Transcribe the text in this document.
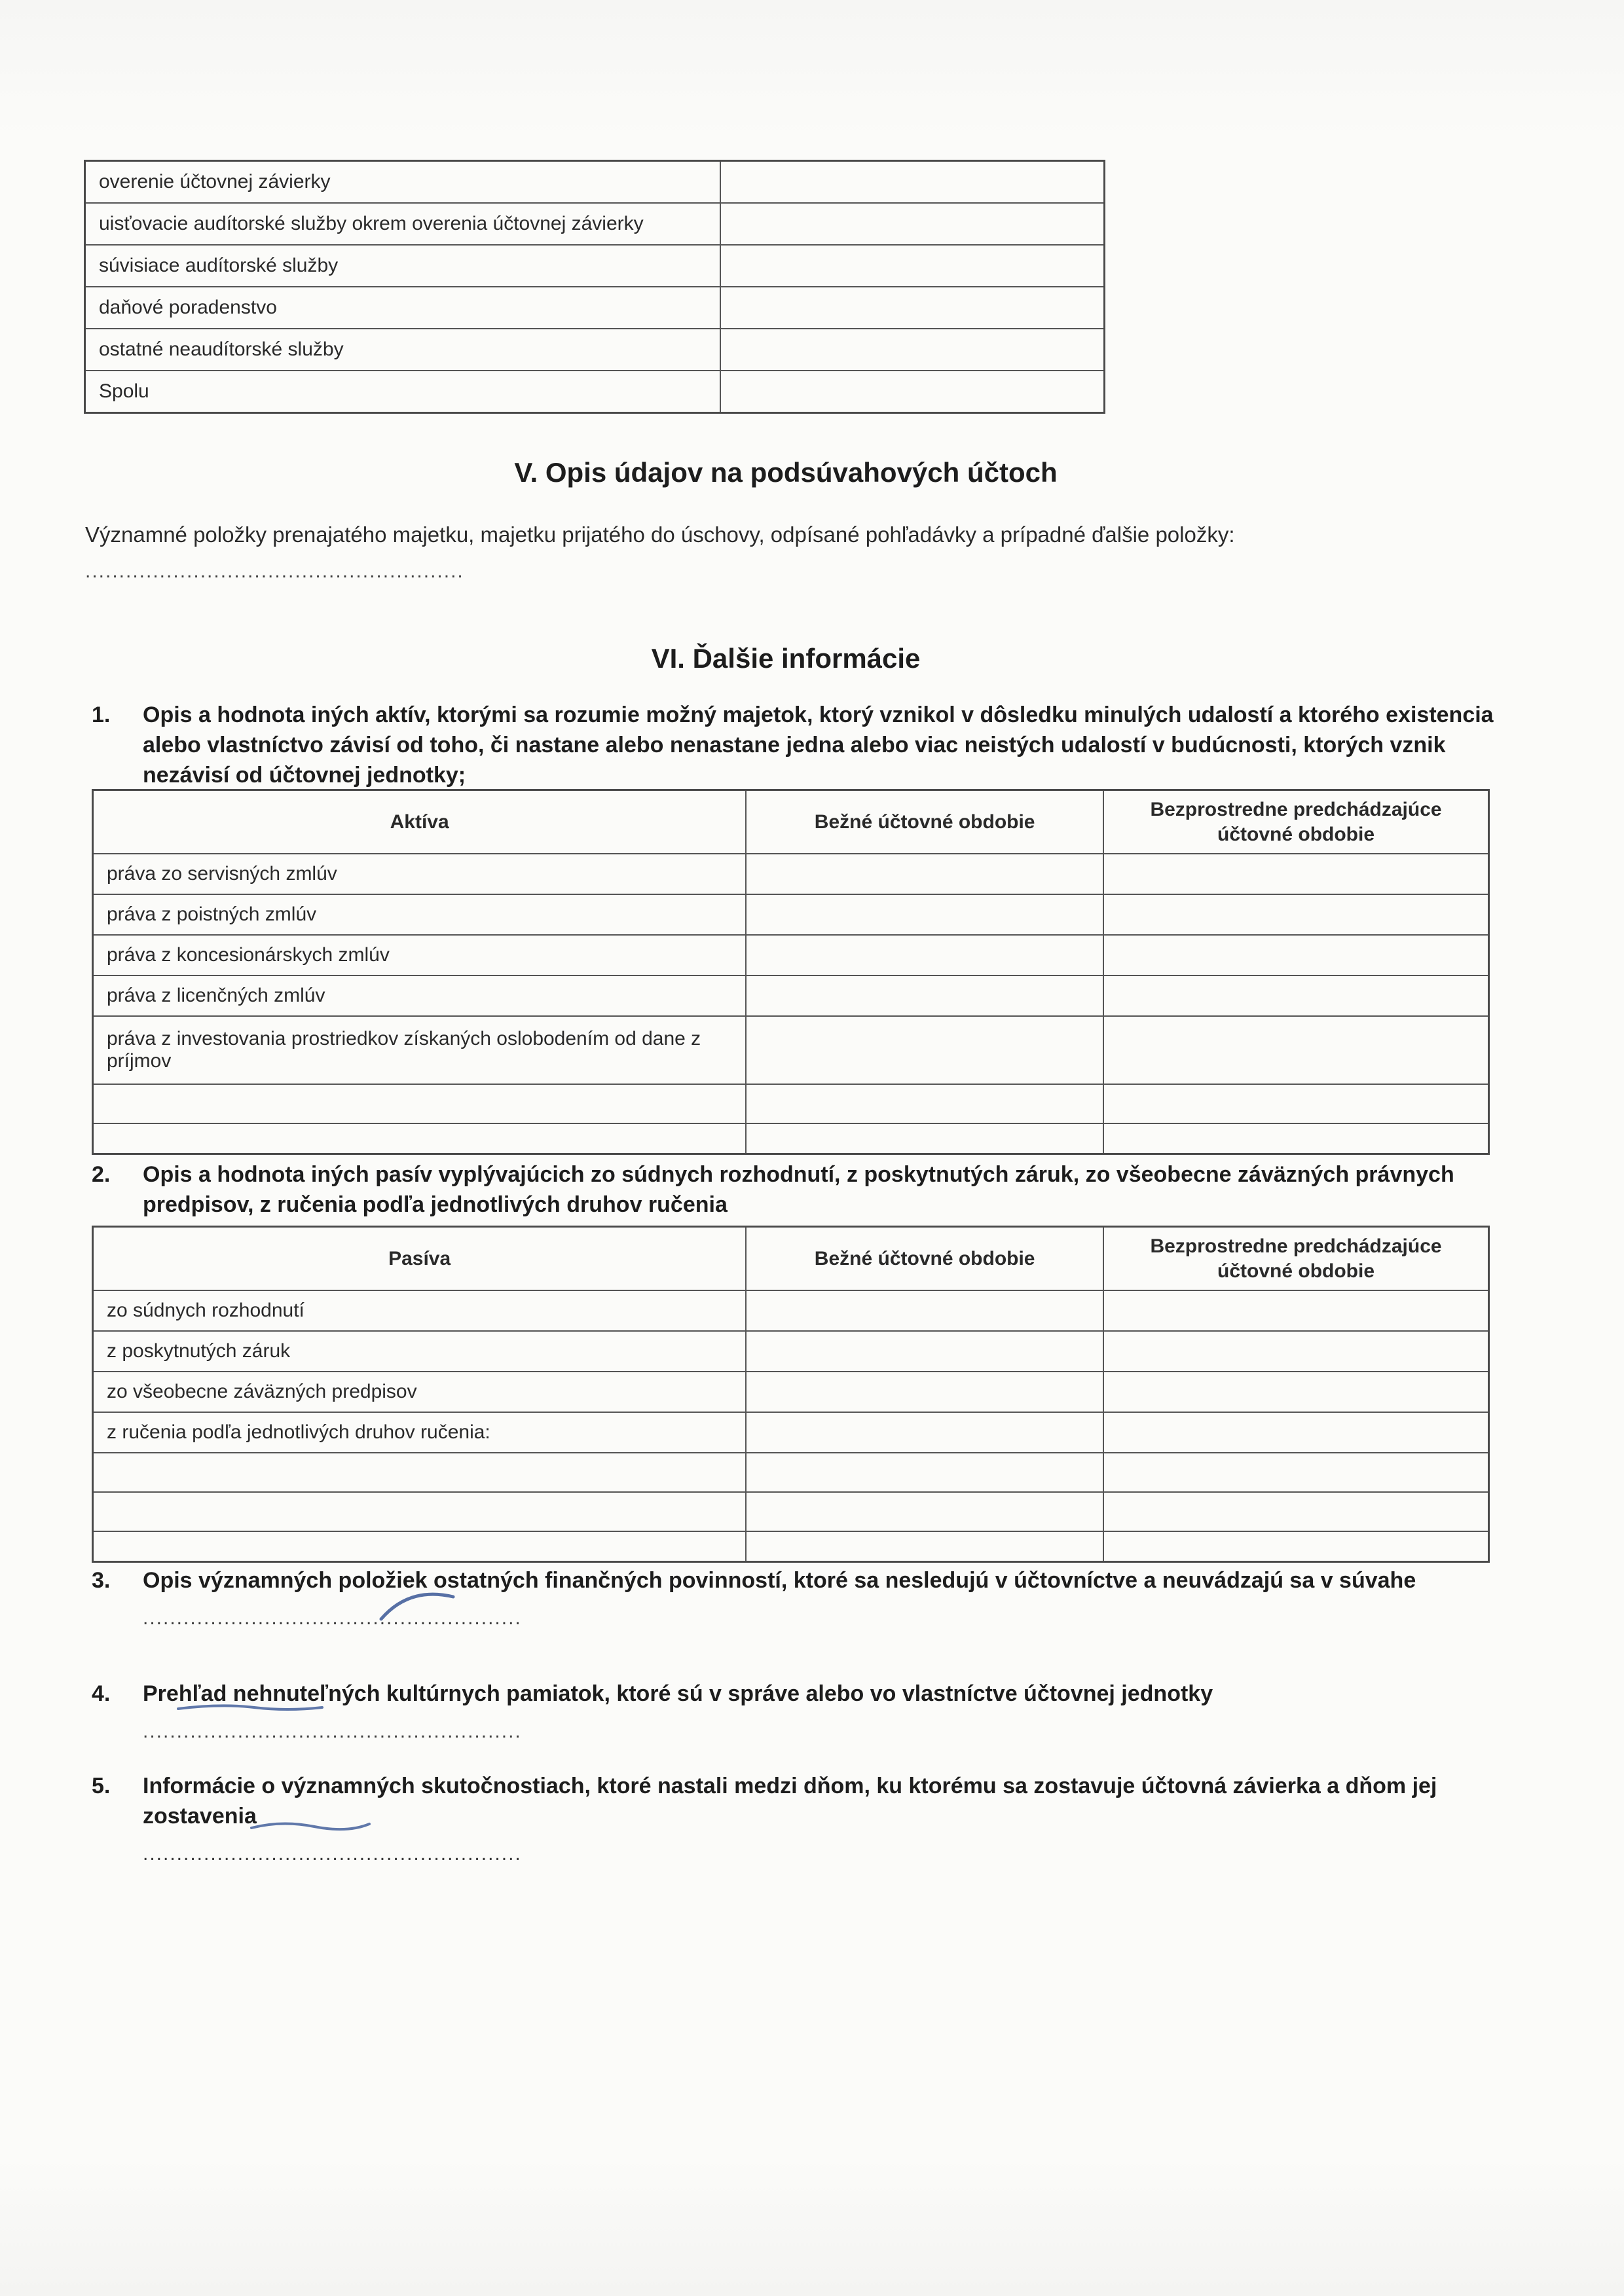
overenie účtovnej závierky	
uisťovacie audítorské služby okrem overenia účtovnej závierky	
súvisiace audítorské služby	
daňové poradenstvo	
ostatné neaudítorské služby	
Spolu	
V. Opis údajov na podsúvahových účtoch
Významné položky prenajatého majetku, majetku prijatého do úschovy, odpísané pohľadávky a prípadné ďalšie položky:
........................................................
VI. Ďalšie informácie
1.	Opis a hodnota iných aktív, ktorými sa rozumie možný majetok, ktorý vznikol v dôsledku minulých udalostí a ktorého existencia alebo vlastníctvo závisí od toho, či nastane alebo nenastane jedna alebo viac neistých udalostí v budúcnosti, ktorých vznik nezávisí od účtovnej jednotky;
Aktíva	Bežné účtovné obdobie	Bezprostredne predchádzajúce účtovné obdobie
práva zo servisných zmlúv		
práva z poistných zmlúv		
práva z koncesionárskych zmlúv		
práva z licenčných zmlúv		
práva z investovania prostriedkov získaných oslobodením od dane z príjmov		

2.	Opis a hodnota iných pasív vyplývajúcich zo súdnych rozhodnutí, z poskytnutých záruk, zo všeobecne záväzných právnych predpisov, z ručenia podľa jednotlivých druhov ručenia
Pasíva	Bežné účtovné obdobie	Bezprostredne predchádzajúce účtovné obdobie
zo súdnych rozhodnutí		
z poskytnutých záruk		
zo všeobecne záväzných predpisov		
z ručenia podľa jednotlivých druhov ručenia:		

3.	Opis významných položiek ostatných finančných povinností, ktoré sa nesledujú v účtovníctve a neuvádzajú sa v súvahe
........................................................
4.	Prehľad nehnuteľných kultúrnych pamiatok, ktoré sú v správe alebo vo vlastníctve účtovnej jednotky
........................................................
5.	Informácie o významných skutočnostiach, ktoré nastali medzi dňom, ku ktorému sa zostavuje účtovná závierka a dňom jej zostavenia
........................................................
